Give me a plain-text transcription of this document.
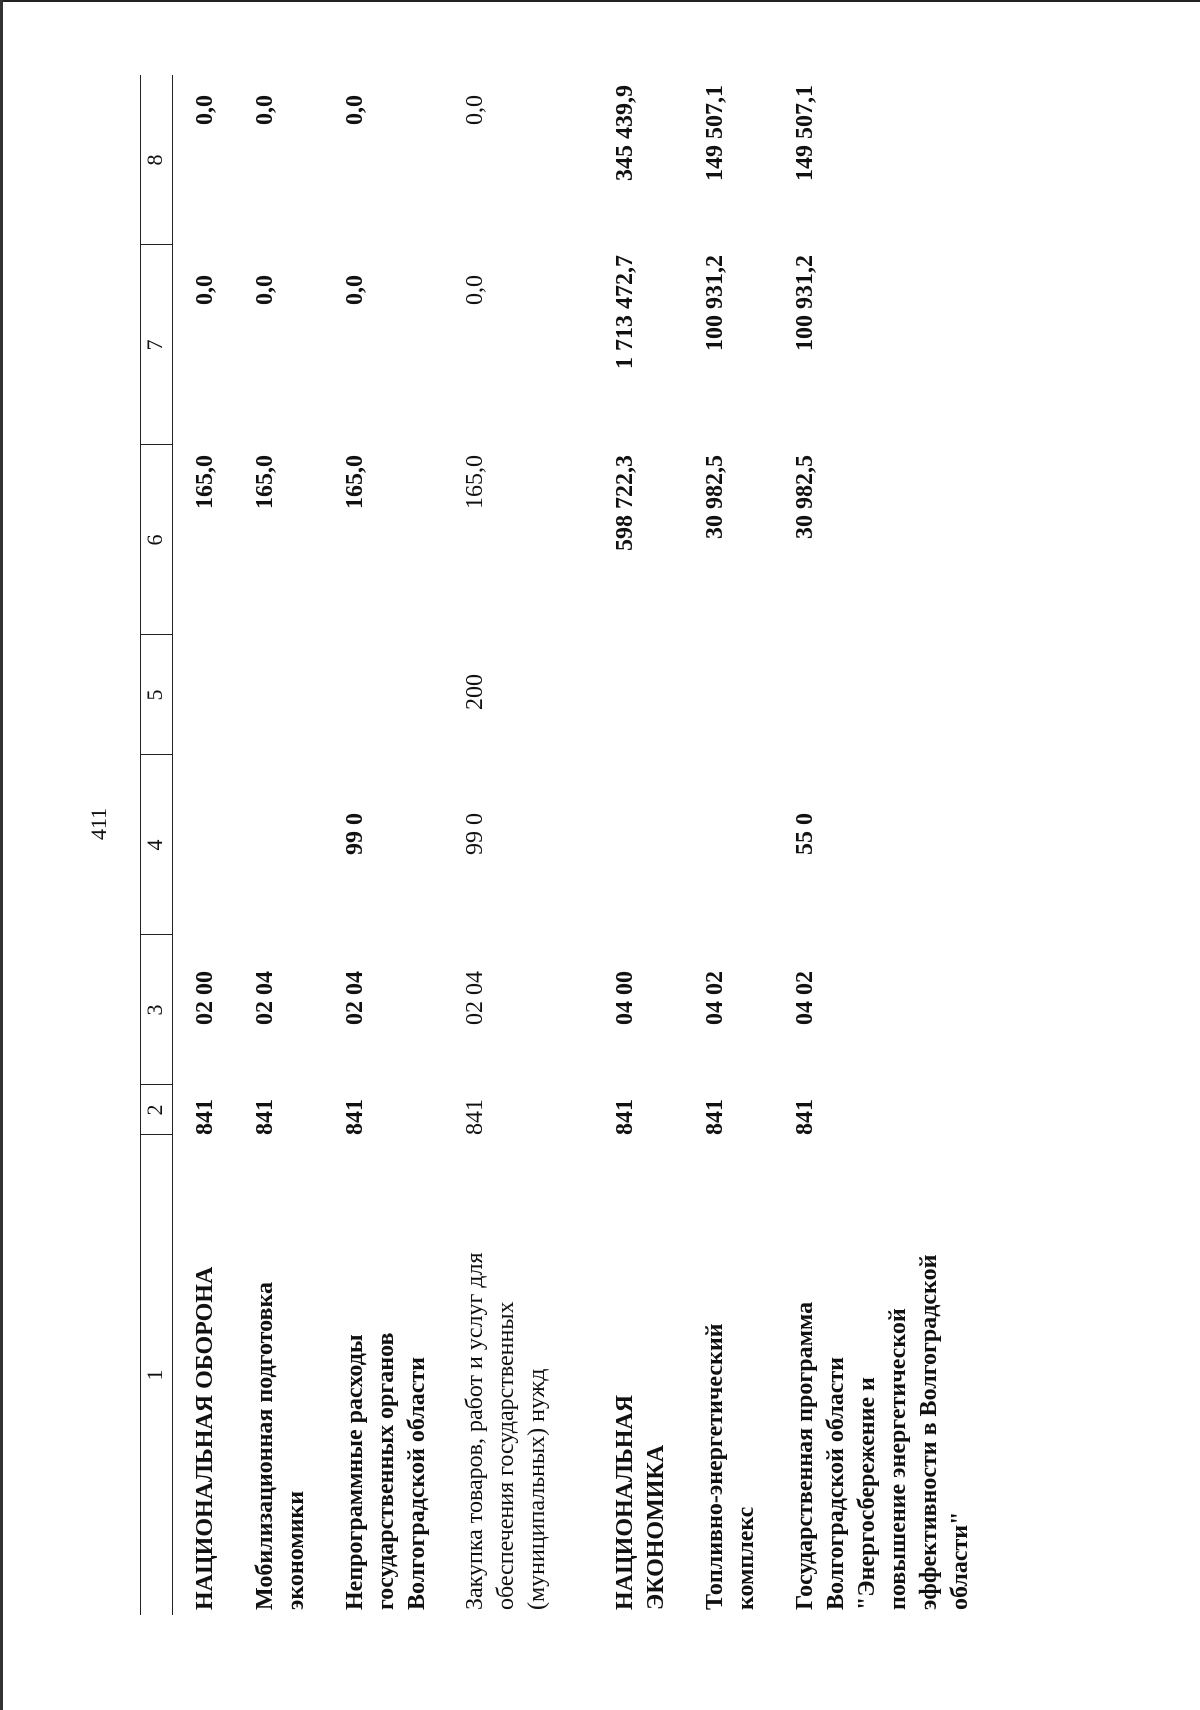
411
1
2
3
4
5
6
7
8
НАЦИОНАЛЬНАЯ ОБОРОНА
841
02 00
165,0
0,0
0,0
Мобилизационная подготовка экономики
841
02 04
165,0
0,0
0,0
Непрограммные расходы государственных органов Волгоградской области
841
02 04
99 0
165,0
0,0
0,0
Закупка товаров, работ и услуг для обеспечения государственных (муниципальных) нужд
841
02 04
99 0
200
165,0
0,0
0,0
НАЦИОНАЛЬНАЯ ЭКОНОМИКА
841
04 00
598 722,3
1 713 472,7
345 439,9
Топливно-энергетический комплекс
841
04 02
30 982,5
100 931,2
149 507,1
Государственная программа Волгоградской области "Энергосбережение и повышение энергетической эффективности в Волгоградской области"
841
04 02
55 0
30 982,5
100 931,2
149 507,1
